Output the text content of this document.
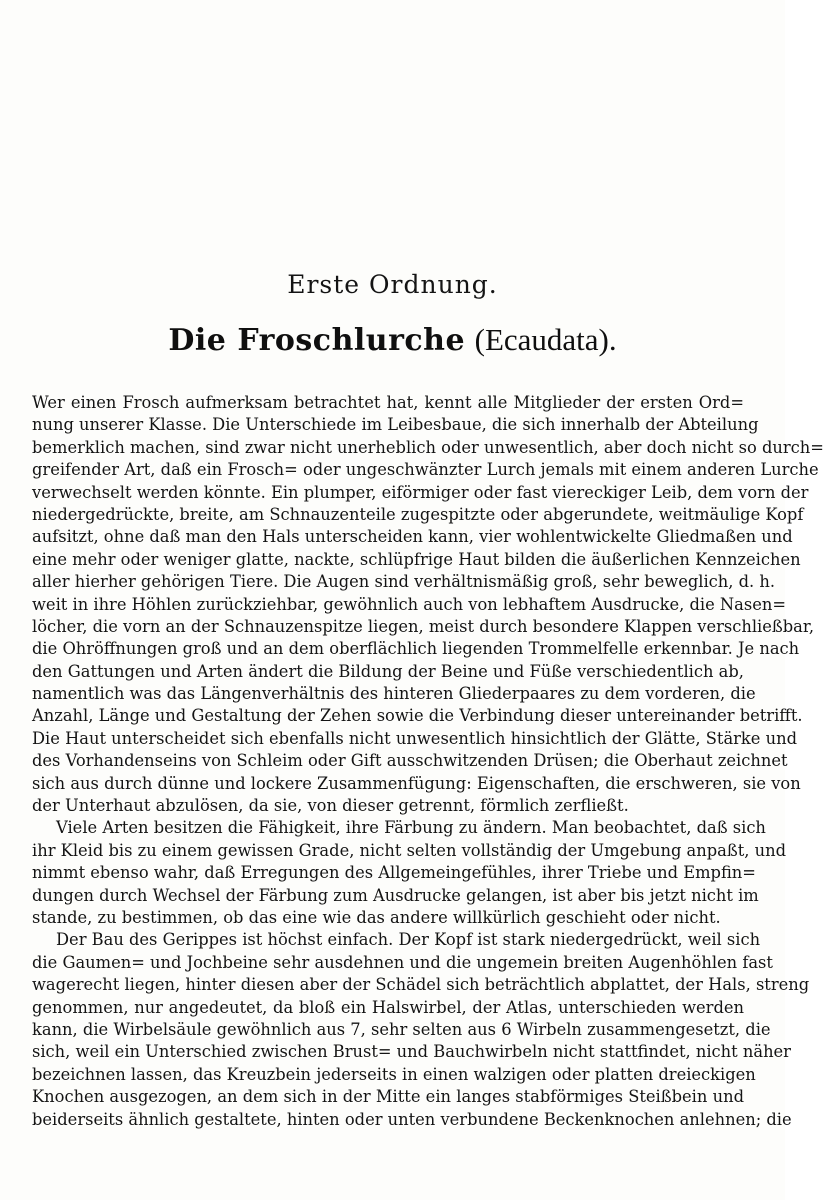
Erste Ordnung.
Die Froschlurche (Ecaudata).
Wer einen Frosch aufmerksam betrachtet hat, kennt alle Mitglieder der ersten Ord=
nung unserer Klasse. Die Unterschiede im Leibesbaue, die sich innerhalb der Abteilung
bemerklich machen, sind zwar nicht unerheblich oder unwesentlich, aber doch nicht so durch=
greifender Art, daß ein Frosch= oder ungeschwänzter Lurch jemals mit einem anderen Lurche
verwechselt werden könnte. Ein plumper, eiförmiger oder fast viereckiger Leib, dem vorn der
niedergedrückte, breite, am Schnauzenteile zugespitzte oder abgerundete, weitmäulige Kopf
aufsitzt, ohne daß man den Hals unterscheiden kann, vier wohlentwickelte Gliedmaßen und
eine mehr oder weniger glatte, nackte, schlüpfrige Haut bilden die äußerlichen Kennzeichen
aller hierher gehörigen Tiere. Die Augen sind verhältnismäßig groß, sehr beweglich, d. h.
weit in ihre Höhlen zurückziehbar, gewöhnlich auch von lebhaftem Ausdrucke, die Nasen=
löcher, die vorn an der Schnauzenspitze liegen, meist durch besondere Klappen verschließbar,
die Ohröffnungen groß und an dem oberflächlich liegenden Trommelfelle erkennbar. Je nach
den Gattungen und Arten ändert die Bildung der Beine und Füße verschiedentlich ab,
namentlich was das Längenverhältnis des hinteren Gliederpaares zu dem vorderen, die
Anzahl, Länge und Gestaltung der Zehen sowie die Verbindung dieser untereinander betrifft.
Die Haut unterscheidet sich ebenfalls nicht unwesentlich hinsichtlich der Glätte, Stärke und
des Vorhandenseins von Schleim oder Gift ausschwitzenden Drüsen; die Oberhaut zeichnet
sich aus durch dünne und lockere Zusammenfügung: Eigenschaften, die erschweren, sie von
der Unterhaut abzulösen, da sie, von dieser getrennt, förmlich zerfließt.
Viele Arten besitzen die Fähigkeit, ihre Färbung zu ändern. Man beobachtet, daß sich
ihr Kleid bis zu einem gewissen Grade, nicht selten vollständig der Umgebung anpaßt, und
nimmt ebenso wahr, daß Erregungen des Allgemeingefühles, ihrer Triebe und Empfin=
dungen durch Wechsel der Färbung zum Ausdrucke gelangen, ist aber bis jetzt nicht im
stande, zu bestimmen, ob das eine wie das andere willkürlich geschieht oder nicht.
Der Bau des Gerippes ist höchst einfach. Der Kopf ist stark niedergedrückt, weil sich
die Gaumen= und Jochbeine sehr ausdehnen und die ungemein breiten Augenhöhlen fast
wagerecht liegen, hinter diesen aber der Schädel sich beträchtlich abplattet, der Hals, streng
genommen, nur angedeutet, da bloß ein Halswirbel, der Atlas, unterschieden werden
kann, die Wirbelsäule gewöhnlich aus 7, sehr selten aus 6 Wirbeln zusammengesetzt, die
sich, weil ein Unterschied zwischen Brust= und Bauchwirbeln nicht stattfindet, nicht näher
bezeichnen lassen, das Kreuzbein jederseits in einen walzigen oder platten dreieckigen
Knochen ausgezogen, an dem sich in der Mitte ein langes stabförmiges Steißbein und
beiderseits ähnlich gestaltete, hinten oder unten verbundene Beckenknochen anlehnen; die
